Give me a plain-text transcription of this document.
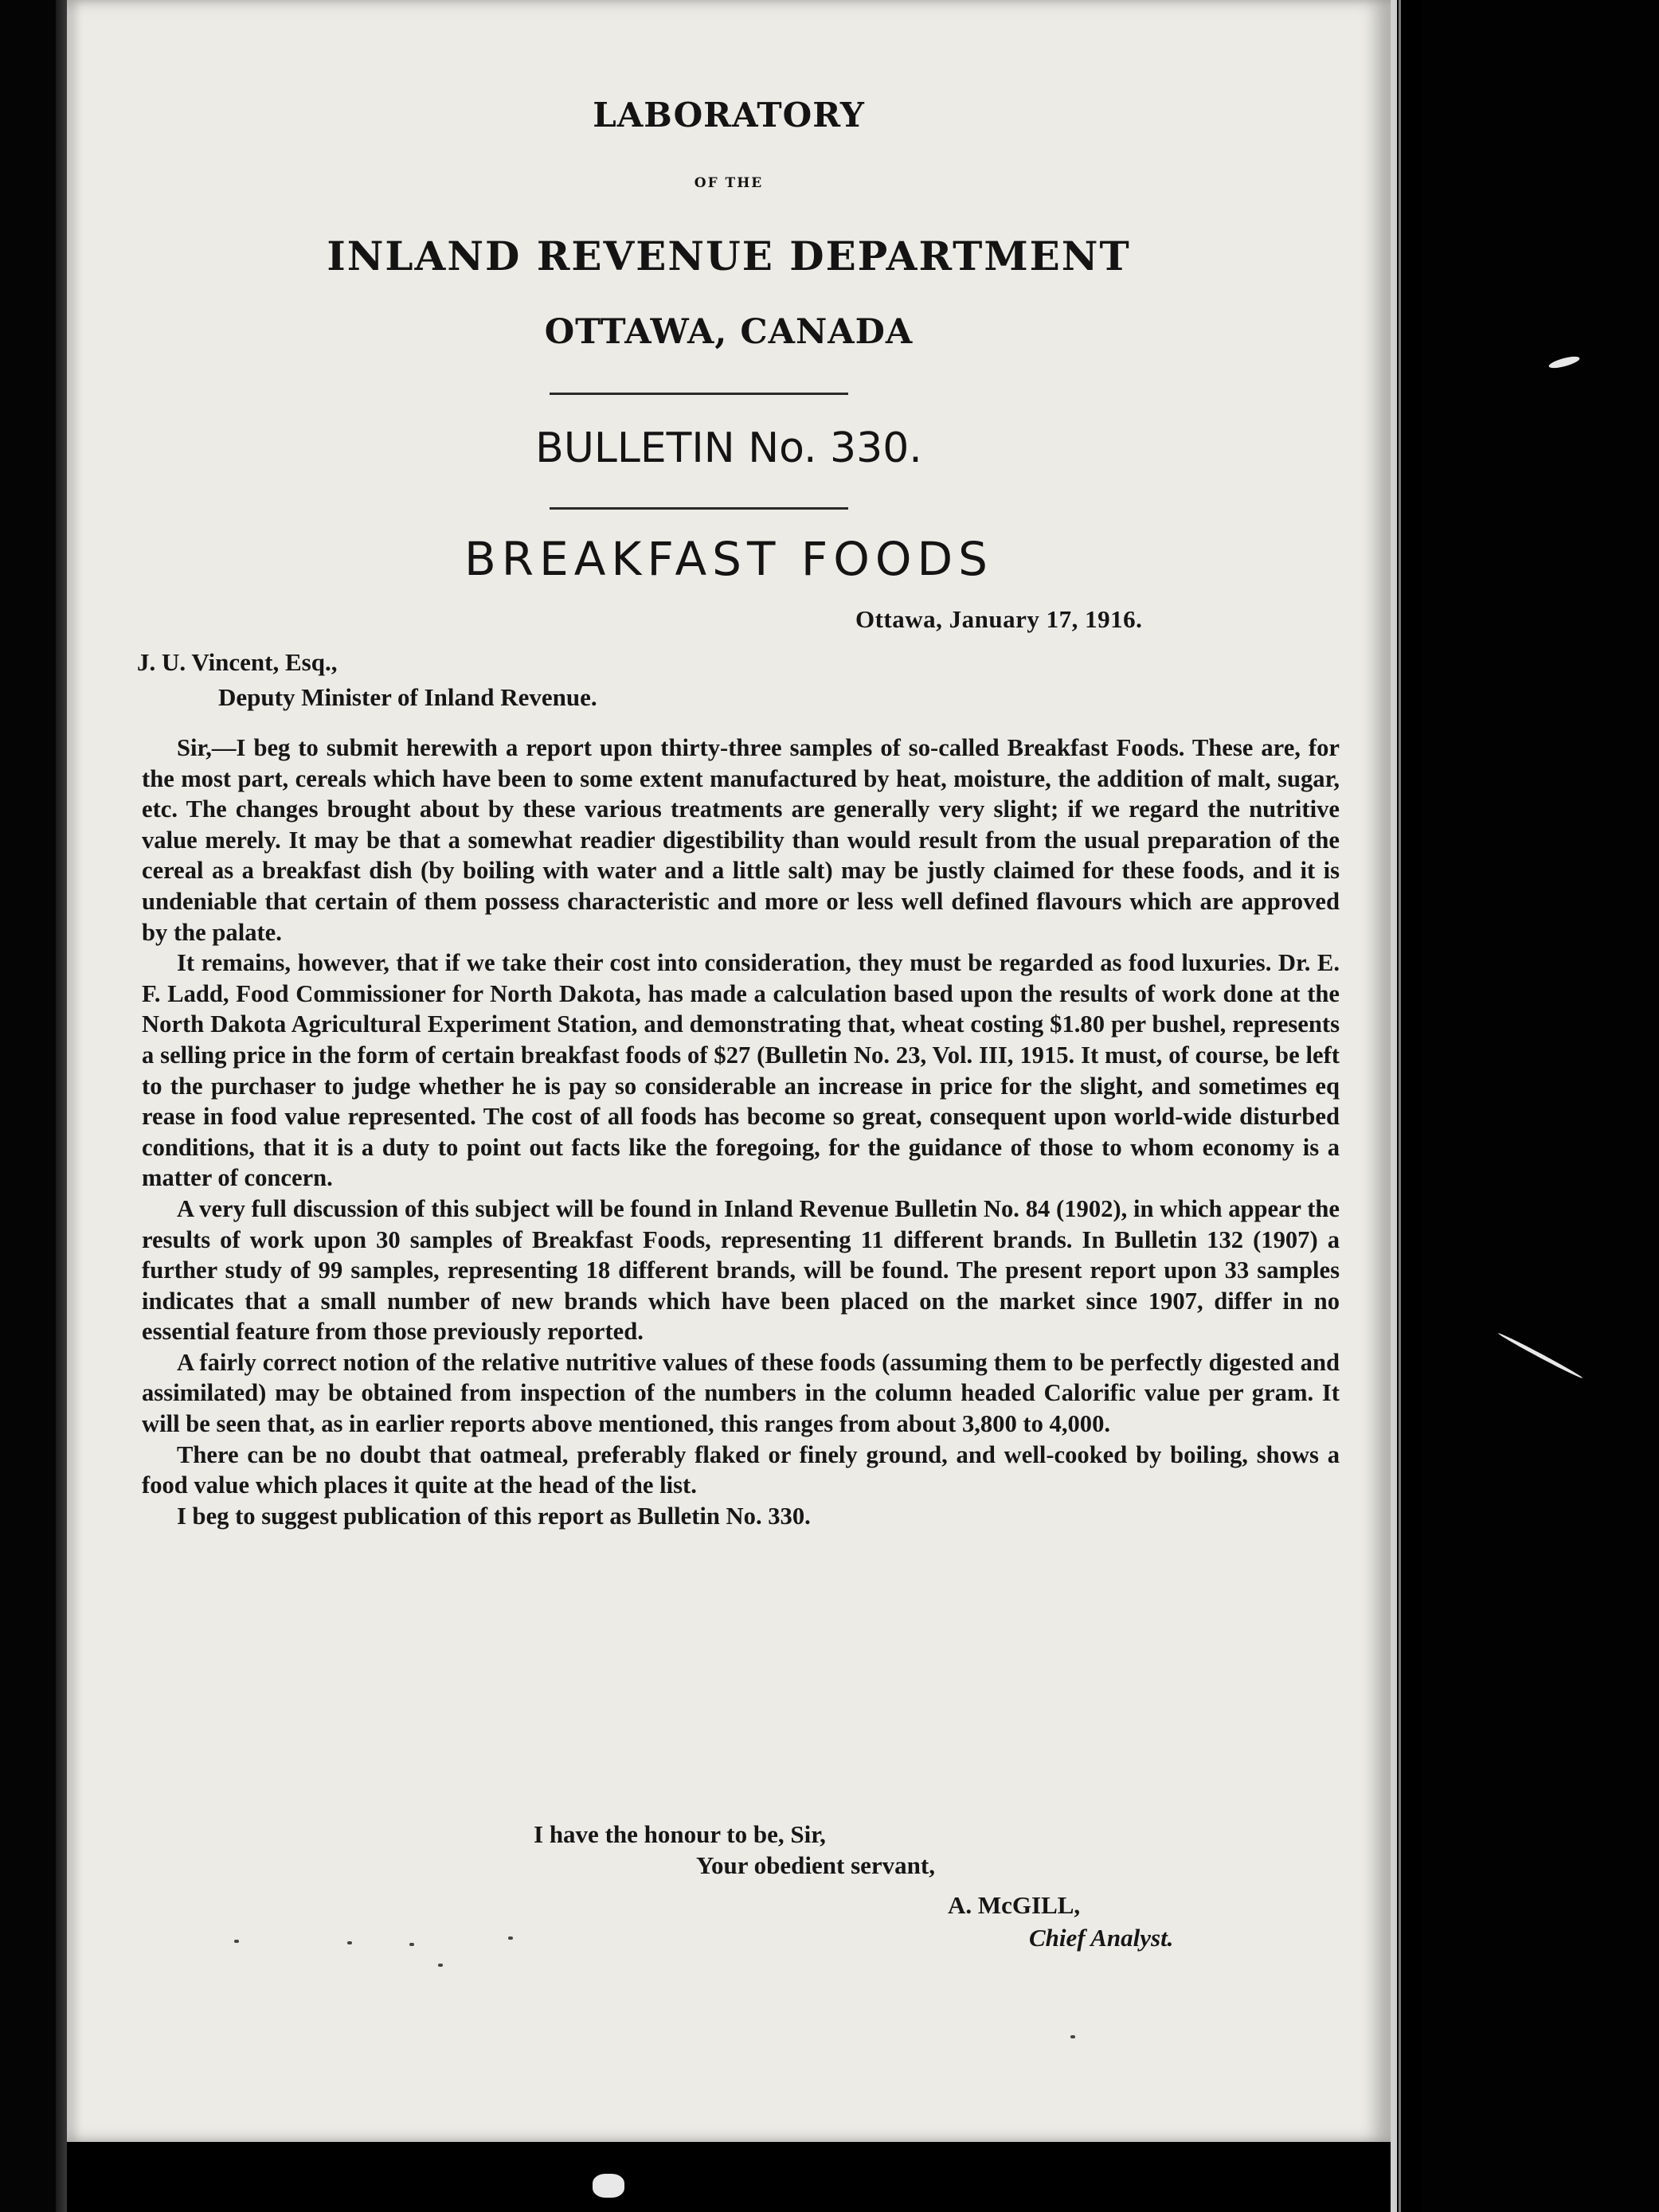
LABORATORY
OF THE
INLAND REVENUE DEPARTMENT
OTTAWA, CANADA
BULLETIN No. 330.
BREAKFAST FOODS
Ottawa, January 17, 1916.
J. U. Vincent, Esq.,
Deputy Minister of Inland Revenue.

Sir,—I beg to submit herewith a report upon thirty-three samples of so-called Breakfast Foods. These are, for the most part, cereals which have been to some extent manufactured by heat, moisture, the addition of malt, sugar, etc. The changes brought about by these various treatments are generally very slight; if we regard the nutritive value merely. It may be that a somewhat readier digestibility than would result from the usual preparation of the cereal as a breakfast dish (by boiling with water and a little salt) may be justly claimed for these foods, and it is undeniable that certain of them possess characteristic and more or less well defined flavours which are approved by the palate.

It remains, however, that if we take their cost into consideration, they must be regarded as food luxuries. Dr. E. F. Ladd, Food Commissioner for North Dakota, has made a calculation based upon the results of work done at the North Dakota Agricultural Experiment Station, and demonstrating that, wheat costing $1.80 per bushel, represents a selling price in the form of certain breakfast foods of $27 (Bulletin No. 23, Vol. III, 1915. It must, of course, be left to the purchaser to judge whether he is pay so considerable an increase in price for the slight, and sometimes eq rease in food value represented. The cost of all foods has become so great, consequent upon world-wide disturbed conditions, that it is a duty to point out facts like the foregoing, for the guidance of those to whom economy is a matter of concern.

A very full discussion of this subject will be found in Inland Revenue Bulletin No. 84 (1902), in which appear the results of work upon 30 samples of Breakfast Foods, representing 11 different brands. In Bulletin 132 (1907) a further study of 99 samples, representing 18 different brands, will be found. The present report upon 33 samples indicates that a small number of new brands which have been placed on the market since 1907, differ in no essential feature from those previously reported.

A fairly correct notion of the relative nutritive values of these foods (assuming them to be perfectly digested and assimilated) may be obtained from inspection of the numbers in the column headed Calorific value per gram. It will be seen that, as in earlier reports above mentioned, this ranges from about 3,800 to 4,000.

There can be no doubt that oatmeal, preferably flaked or finely ground, and well-cooked by boiling, shows a food value which places it quite at the head of the list.

I beg to suggest publication of this report as Bulletin No. 330.

I have the honour to be, Sir,
Your obedient servant,
A. McGILL,
Chief Analyst.
